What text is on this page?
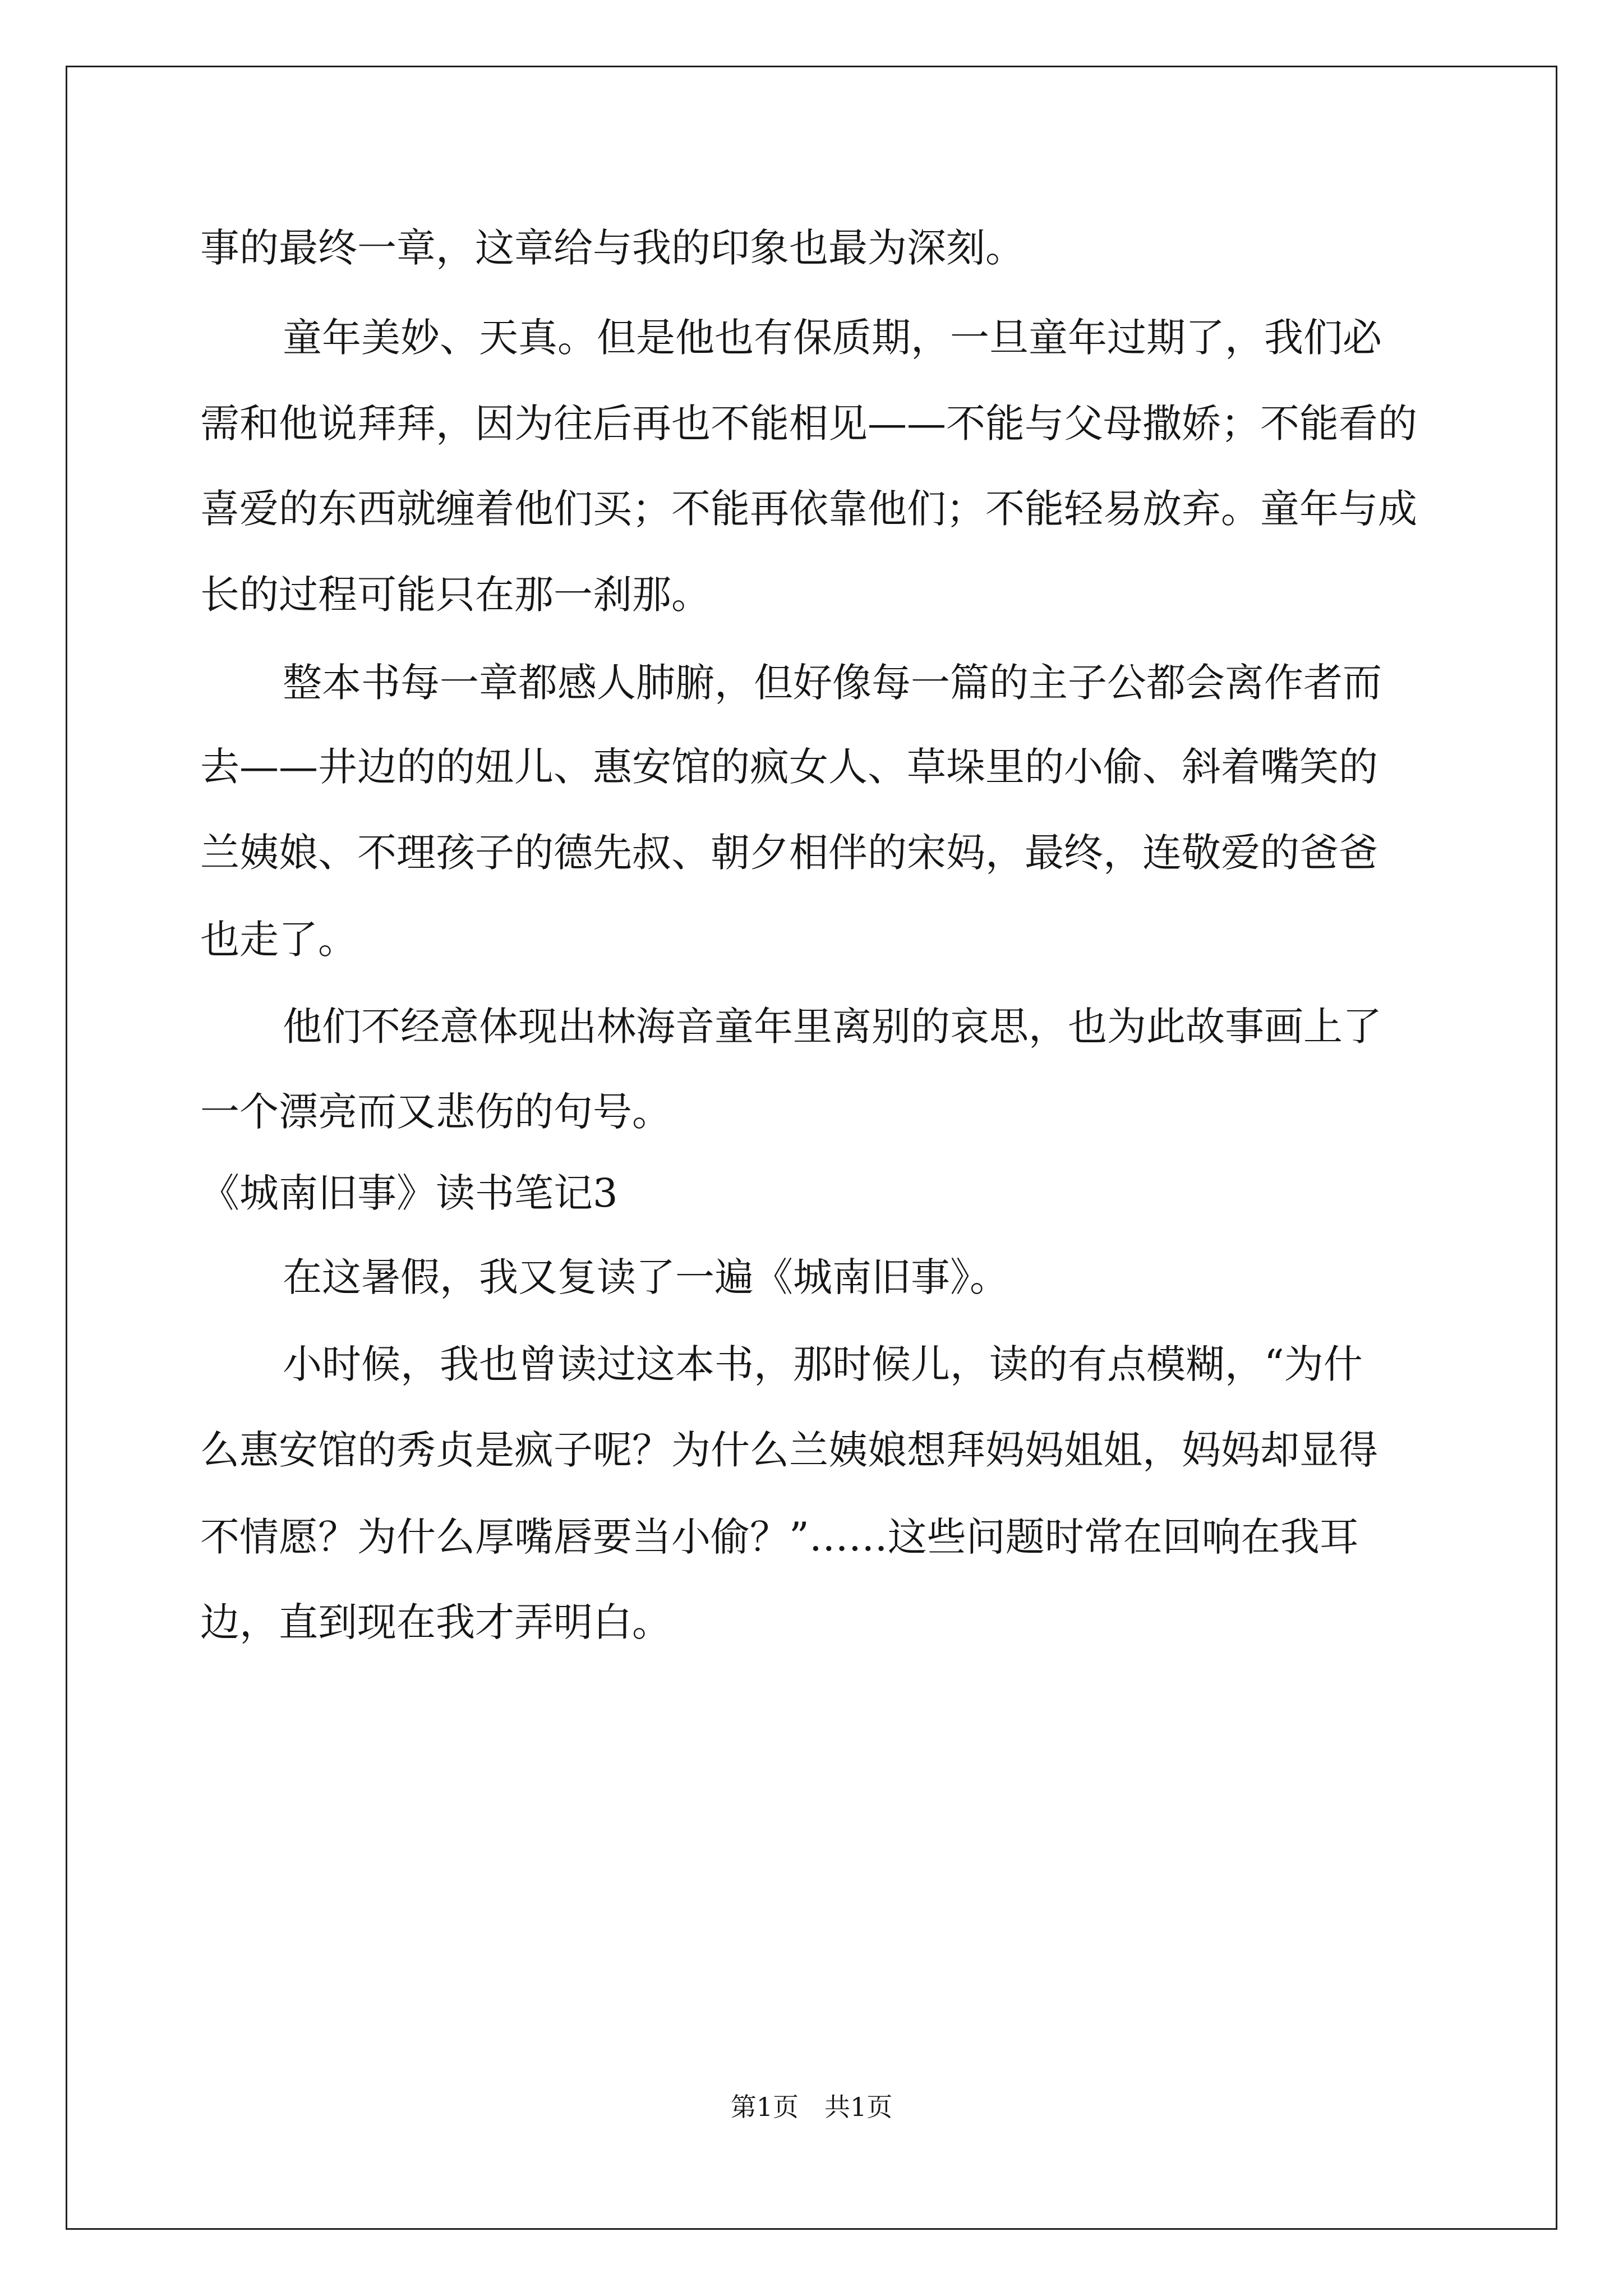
事的最终一章，这章给与我的印象也最为深刻。

童年美妙、天真。但是他也有保质期，一旦童年过期了，我们必

需和他说拜拜，因为往后再也不能相见——不能与父母撒娇；不能看的

喜爱的东西就缠着他们买；不能再依靠他们；不能轻易放弃。童年与成

长的过程可能只在那一刹那。

整本书每一章都感人肺腑，但好像每一篇的主子公都会离作者而

去——井边的的妞儿、惠安馆的疯女人、草垛里的小偷、斜着嘴笑的

兰姨娘、不理孩子的德先叔、朝夕相伴的宋妈，最终，连敬爱的爸爸

也走了。

他们不经意体现出林海音童年里离别的哀思，也为此故事画上了

一个漂亮而又悲伤的句号。

《城南旧事》读书笔记3

在这暑假，我又复读了一遍《城南旧事》。

小时候，我也曾读过这本书，那时候儿，读的有点模糊，“为什

么惠安馆的秀贞是疯子呢？为什么兰姨娘想拜妈妈姐姐，妈妈却显得

不情愿？为什么厚嘴唇要当小偷？”……这些问题时常在回响在我耳

边，直到现在我才弄明白。

第1页　共1页
